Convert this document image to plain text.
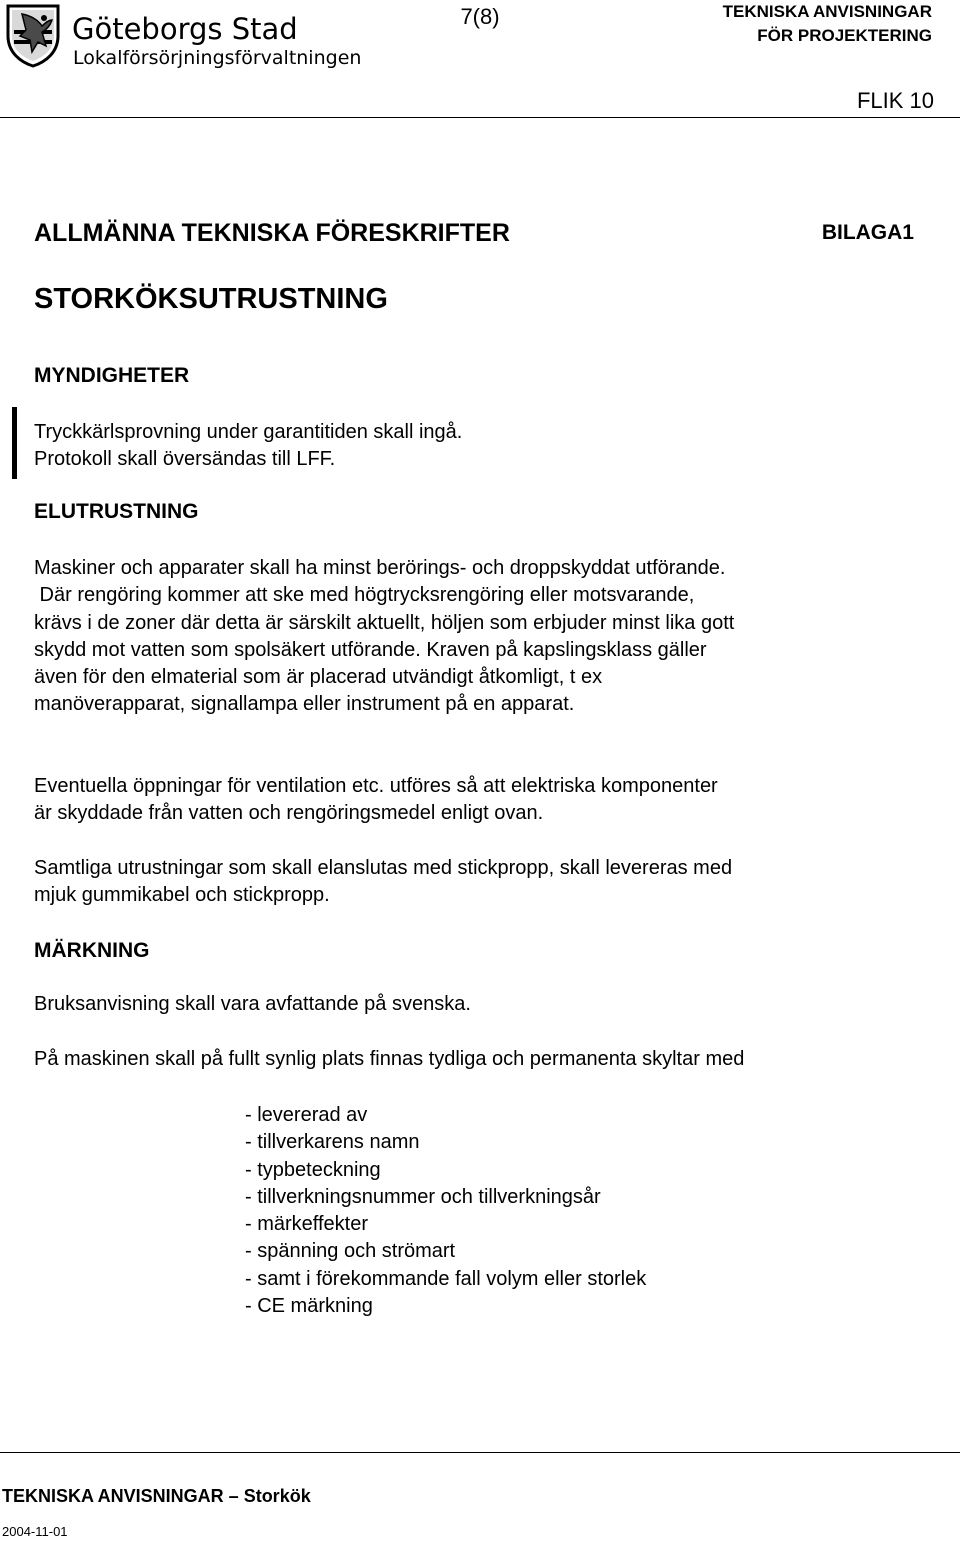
Göteborgs Stad
Lokalförsörjningsförvaltningen
7(8)	TEKNISKA ANVISNINGAR
FÖR PROJEKTERING
FLIK 10
ALLMÄNNA TEKNISKA FÖRESKRIFTER	BILAGA1
STORKÖKSUTRUSTNING
MYNDIGHETER
Tryckkärlsprovning under garantitiden skall ingå.
Protokoll skall översändas till LFF.
ELUTRUSTNING
Maskiner och apparater skall ha minst berörings- och droppskyddat utförande.
Där rengöring kommer att ske med högtrycksrengöring eller motsvarande,
krävs i de zoner där detta är särskilt aktuellt, höljen som erbjuder minst lika gott
skydd mot vatten som spolsäkert utförande. Kraven på kapslingsklass gäller
även för den elmaterial som är placerad utvändigt åtkomligt, t ex
manöverapparat, signallampa eller instrument på en apparat.
Eventuella öppningar för ventilation etc. utföres så att elektriska komponenter
är skyddade från vatten och rengöringsmedel enligt ovan.
Samtliga utrustningar som skall elanslutas med stickpropp, skall levereras med
mjuk gummikabel och stickpropp.
MÄRKNING
Bruksanvisning skall vara avfattande på svenska.
På maskinen skall på fullt synlig plats finnas tydliga och permanenta skyltar med
- levererad av
- tillverkarens namn
- typbeteckning
- tillverkningsnummer och tillverkningsår
- märkeffekter
- spänning och strömart
- samt i förekommande fall volym eller storlek
- CE märkning
TEKNISKA ANVISNINGAR – Storkök
2004-11-01
